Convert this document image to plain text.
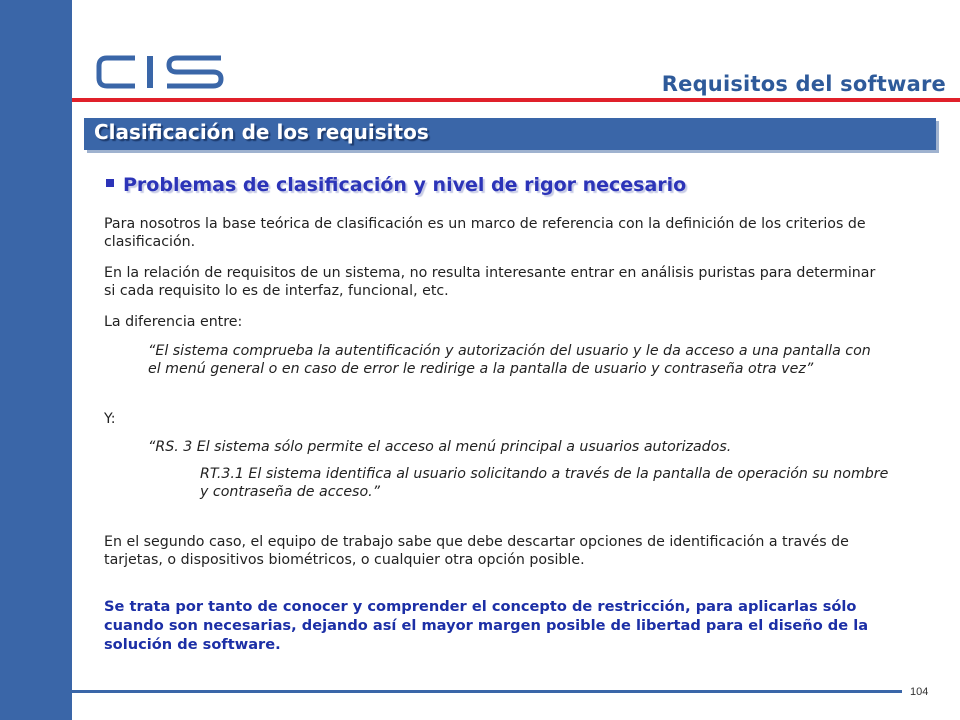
Requisitos del software
Clasificación de los requisitos
Problemas de clasificación y nivel de rigor necesario
Para nosotros la base teórica de clasificación es un marco de referencia con la definición de los criterios de clasificación.
En la relación de requisitos de un sistema, no resulta interesante entrar en análisis puristas para determinar si cada requisito lo es de interfaz, funcional, etc.
La diferencia entre:
“El sistema comprueba la autentificación y autorización del usuario y le da acceso a una pantalla con el menú general o en caso de error le redirige a la pantalla de usuario y contraseña otra vez”
Y:
“RS. 3 El sistema sólo permite el acceso al menú principal a usuarios autorizados.
RT.3.1 El sistema identifica al usuario solicitando a través de la pantalla de operación su nombre y contraseña de acceso.”
En el segundo caso, el equipo de trabajo sabe que debe descartar opciones de identificación a través de tarjetas, o dispositivos biométricos, o cualquier otra opción posible.
Se trata por tanto de conocer y comprender el concepto de restricción, para aplicarlas sólo cuando son necesarias, dejando así el mayor margen posible de libertad para el diseño de la solución de software.
104
